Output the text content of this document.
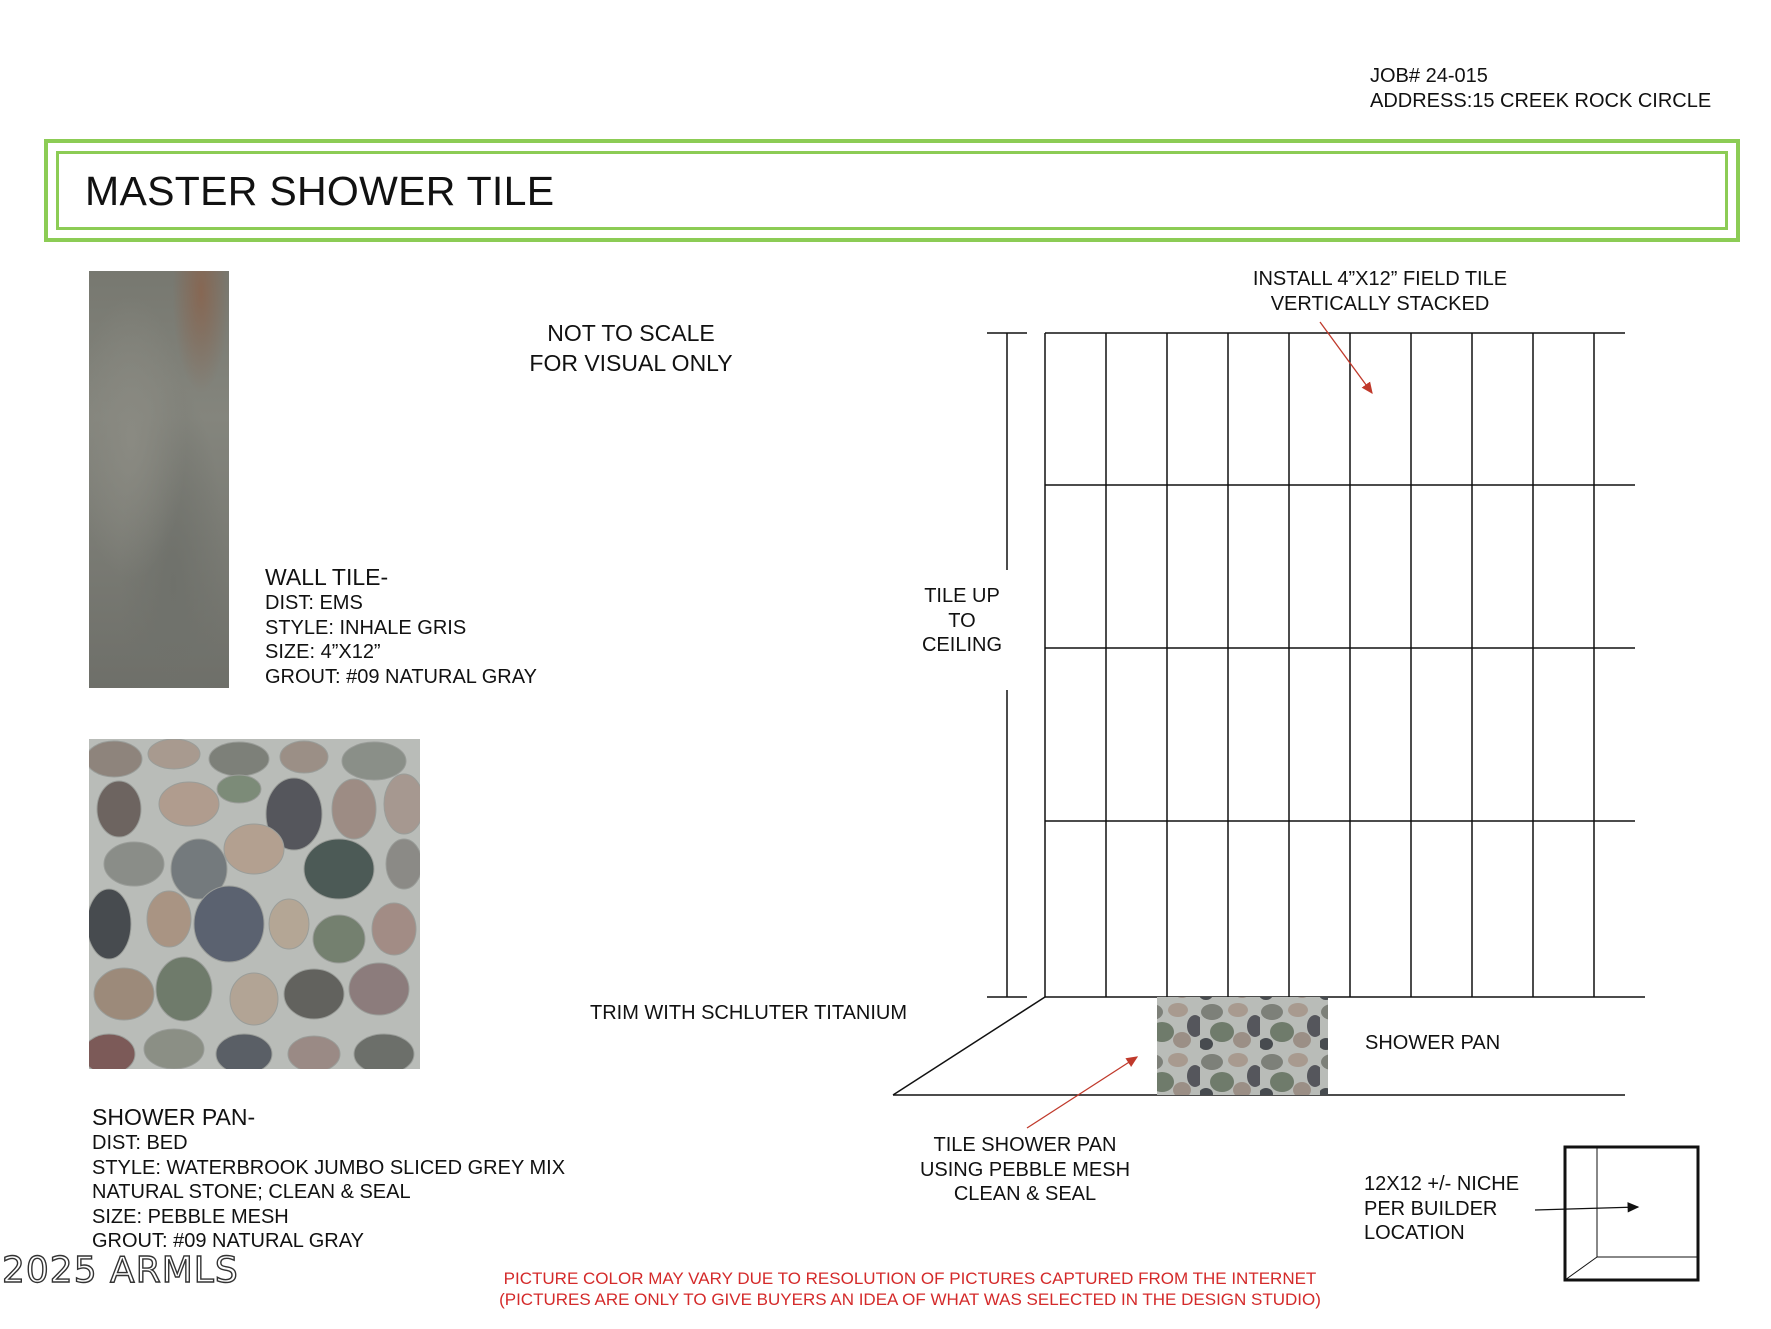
JOB# 24-015
ADDRESS:15 CREEK ROCK CIRCLE
MASTER SHOWER TILE
NOT TO SCALE
FOR VISUAL ONLY
WALL TILE-
DIST: EMS
STYLE: INHALE GRIS
SIZE: 4”X12”
GROUT: #09 NATURAL GRAY
SHOWER PAN-
DIST: BED
STYLE: WATERBROOK JUMBO SLICED GREY MIX
NATURAL STONE; CLEAN & SEAL
SIZE: PEBBLE MESH
GROUT: #09 NATURAL GRAY
TILE UP
TO
CEILING
INSTALL 4”X12” FIELD TILE
VERTICALLY STACKED
TRIM WITH SCHLUTER TITANIUM
SHOWER PAN
TILE SHOWER PAN
USING PEBBLE MESH
CLEAN & SEAL	12X12 +/- NICHE
PER BUILDER
LOCATION
PICTURE COLOR MAY VARY DUE TO RESOLUTION OF PICTURES CAPTURED FROM THE INTERNET
(PICTURES ARE ONLY TO GIVE BUYERS AN IDEA OF WHAT WAS SELECTED IN THE DESIGN STUDIO)
2025 ARMLS
